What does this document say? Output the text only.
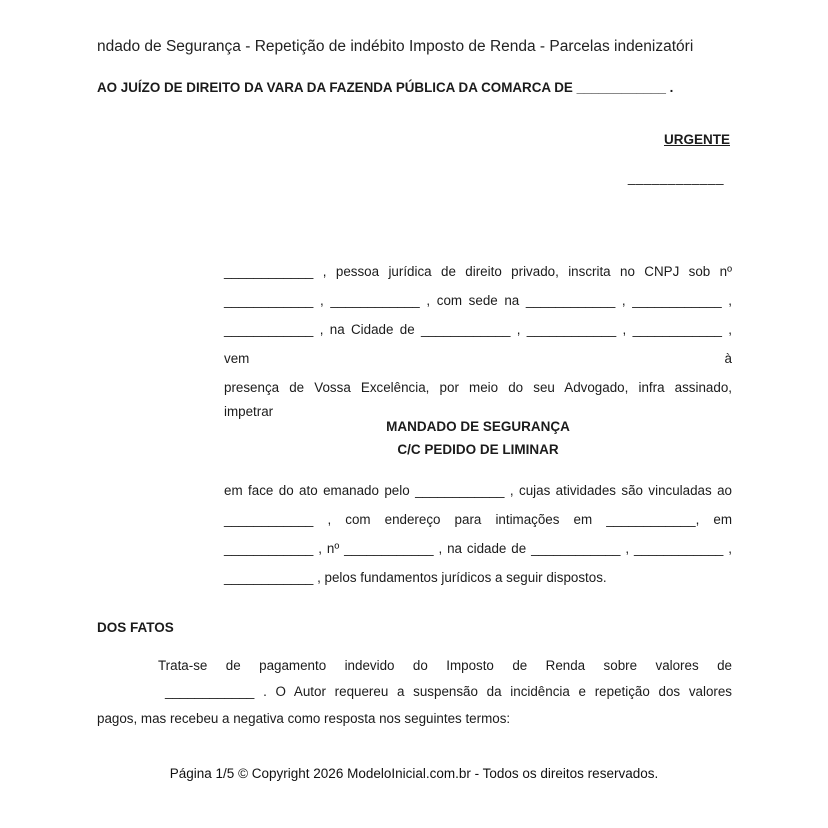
ndado de Segurança - Repetição de indébito Imposto de Renda - Parcelas indenizatóri
AO JUÍZO DE DIREITO DA VARA DA FAZENDA PÚBLICA DA COMARCA DE ____________ .
URGENTE
____________
____________ , pessoa jurídica de direito privado, inscrita no CNPJ sob nº
____________ , ____________ , com sede na ____________ , ____________ ,
____________ , na Cidade de ____________ , ____________ , ____________ , vem à
presença de Vossa Excelência, por meio do seu Advogado, infra assinado,
impetrar
MANDADO DE SEGURANÇA
C/C PEDIDO DE LIMINAR
em face do ato emanado pelo ____________ , cujas atividades são vinculadas ao
____________ , com endereço para intimações em ____________, em
____________ , nº ____________ , na cidade de ____________ , ____________ ,
____________ , pelos fundamentos jurídicos a seguir dispostos.
DOS FATOS
Trata-se de pagamento indevido do Imposto de Renda sobre valores de
____________ . O Autor requereu a suspensão da incidência e repetição dos valores
pagos, mas recebeu a negativa como resposta nos seguintes termos:
Página 1/5 © Copyright 2026 ModeloInicial.com.br - Todos os direitos reservados.
